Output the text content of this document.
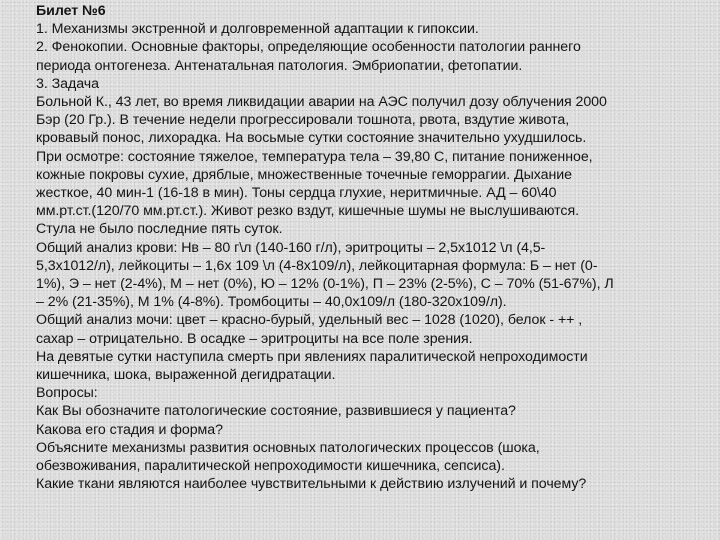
Билет №6
1. Механизмы экстренной и долговременной адаптации к гипоксии.
2. Фенокопии. Основные факторы, определяющие особенности патологии раннего
периода онтогенеза. Антенатальная патология. Эмбриопатии, фетопатии.
3. Задача
Больной К., 43 лет, во время ликвидации аварии на АЭС получил дозу облучения 2000
Бэр (20 Гр.). В течение недели прогрессировали тошнота, рвота, вздутие живота,
кровавый понос, лихорадка. На восьмые сутки состояние значительно ухудшилось.
При осмотре: состояние тяжелое, температура тела – 39,80 С, питание пониженное,
кожные покровы сухие, дряблые, множественные точечные геморрагии. Дыхание
жесткое, 40 мин-1 (16-18 в мин). Тоны сердца глухие, неритмичные. АД – 60\40
мм.рт.ст.(120/70 мм.рт.ст.). Живот резко вздут, кишечные шумы не выслушиваются.
Стула не было последние пять суток.
Общий анализ крови: Нв – 80 г\л (140-160 г/л), эритроциты – 2,5х1012 \л (4,5-
5,3х1012/л), лейкоциты – 1,6х 109 \л (4-8х109/л), лейкоцитарная формула: Б – нет (0-
1%), Э – нет (2-4%), М – нет (0%), Ю – 12% (0-1%), П – 23% (2-5%), С – 70% (51-67%), Л
– 2% (21-35%), М 1% (4-8%). Тромбоциты – 40,0х109/л (180-320х109/л).
Общий анализ мочи: цвет – красно-бурый, удельный вес – 1028 (1020), белок - ++ ,
сахар – отрицательно. В осадке – эритроциты на все поле зрения.
На девятые сутки наступила смерть при явлениях паралитической непроходимости
кишечника, шока, выраженной дегидратации.
Вопросы:
Как Вы обозначите патологические состояние, развившиеся у пациента?
Какова его стадия и форма?
Объясните механизмы развития основных патологических процессов (шока,
обезвоживания, паралитической непроходимости кишечника, сепсиса).
Какие ткани являются наиболее чувствительными к действию излучений и почему?
